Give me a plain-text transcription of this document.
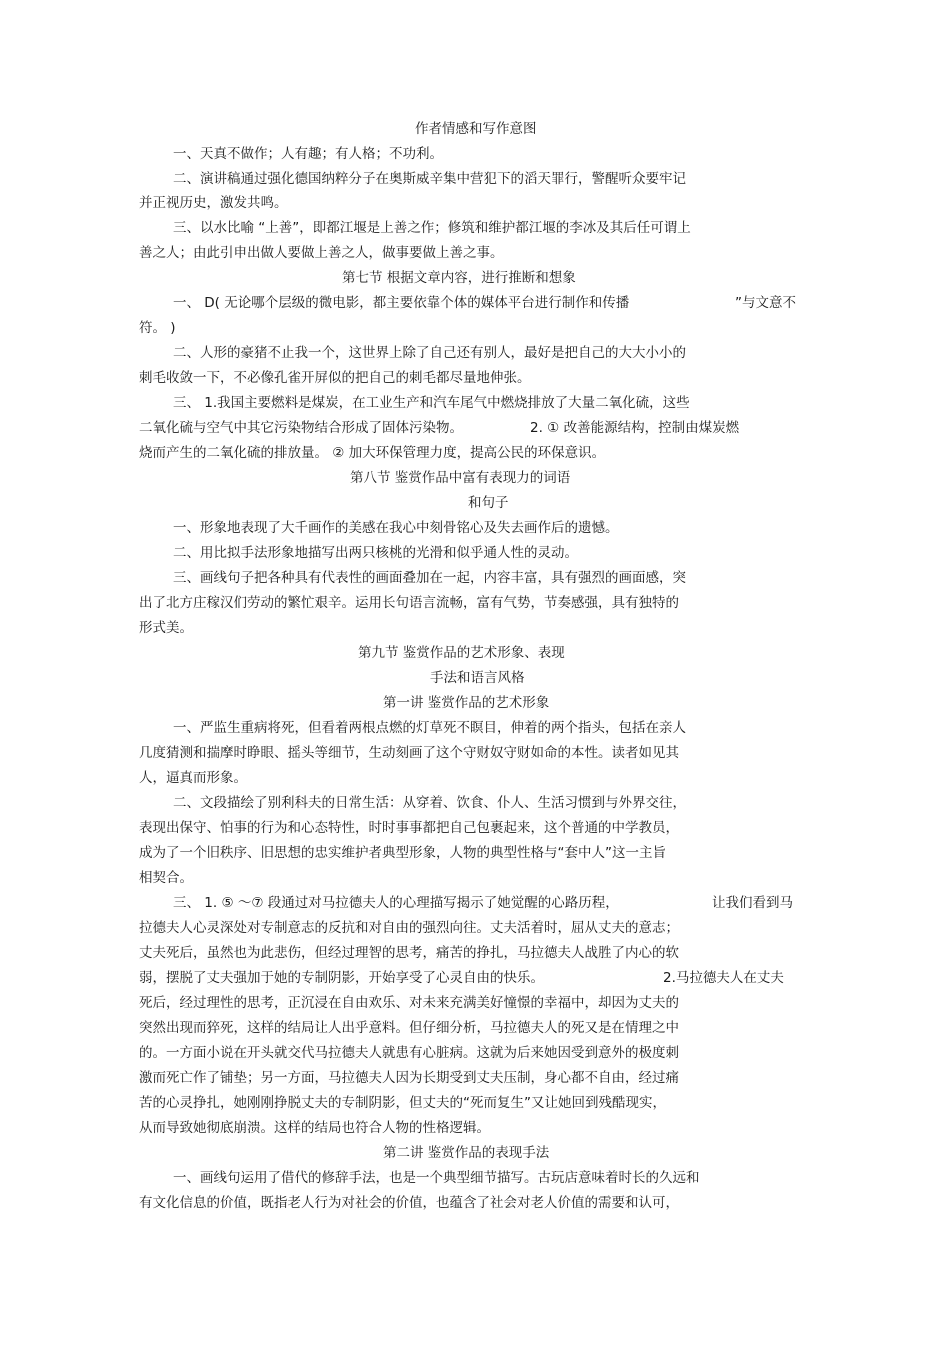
作者情感和写作意图
一、天真不做作；人有趣；有人格；不功利。
二、演讲稿通过强化德国纳粹分子在奥斯威辛集中营犯下的滔天罪行，警醒听众要牢记
并正视历史，激发共鸣。
三、以水比喻 “上善”，即都江堰是上善之作；修筑和维护都江堰的李冰及其后任可谓上
善之人；由此引申出做人要做上善之人，做事要做上善之事。
第七节 根据文章内容，进行推断和想象
一、 D( 无论哪个层级的微电影，都主要依靠个体的媒体平台进行制作和传播	”与文意不
符。 )
二、人形的豪猪不止我一个，这世界上除了自己还有别人，最好是把自己的大大小小的
刺毛收敛一下，不必像孔雀开屏似的把自己的刺毛都尽量地伸张。
三、 1.我国主要燃料是煤炭，在工业生产和汽车尾气中燃烧排放了大量二氧化硫，这些
二氧化硫与空气中其它污染物结合形成了固体污染物。	2. ① 改善能源结构，控制由煤炭燃
烧而产生的二氧化硫的排放量。 ② 加大环保管理力度，提高公民的环保意识。
第八节 鉴赏作品中富有表现力的词语
和句子
一、形象地表现了大千画作的美感在我心中刻骨铭心及失去画作后的遗憾。
二、用比拟手法形象地描写出两只核桃的光滑和似乎通人性的灵动。
三、画线句子把各种具有代表性的画面叠加在一起，内容丰富，具有强烈的画面感，突
出了北方庄稼汉们劳动的繁忙艰辛。运用长句语言流畅，富有气势，节奏感强，具有独特的
形式美。
第九节 鉴赏作品的艺术形象、表现
手法和语言风格
第一讲 鉴赏作品的艺术形象
一、严监生重病将死，但看着两根点燃的灯草死不瞑目，伸着的两个指头，包括在亲人
几度猜测和揣摩时睁眼、摇头等细节，生动刻画了这个守财奴守财如命的本性。读者如见其
人，逼真而形象。
二、文段描绘了别利科夫的日常生活：从穿着、饮食、仆人、生活习惯到与外界交往，
表现出保守、怕事的行为和心态特性，时时事事都把自己包裹起来，这个普通的中学教员，
成为了一个旧秩序、旧思想的忠实维护者典型形象，人物的典型性格与“套中人”这一主旨
相契合。
三、 1. ⑤ ～⑦ 段通过对马拉德夫人的心理描写揭示了她觉醒的心路历程，	让我们看到马
拉德夫人心灵深处对专制意志的反抗和对自由的强烈向往。丈夫活着时，屈从丈夫的意志；
丈夫死后，虽然也为此悲伤，但经过理智的思考，痛苦的挣扎，马拉德夫人战胜了内心的软
弱，摆脱了丈夫强加于她的专制阴影，开始享受了心灵自由的快乐。	2.马拉德夫人在丈夫
死后，经过理性的思考，正沉浸在自由欢乐、对未来充满美好憧憬的幸福中，却因为丈夫的
突然出现而猝死，这样的结局让人出乎意料。但仔细分析，马拉德夫人的死又是在情理之中
的。一方面小说在开头就交代马拉德夫人就患有心脏病。这就为后来她因受到意外的极度刺
激而死亡作了铺垫；另一方面，马拉德夫人因为长期受到丈夫压制，身心都不自由，经过痛
苦的心灵挣扎，她刚刚挣脱丈夫的专制阴影，但丈夫的“死而复生”又让她回到残酷现实，
从而导致她彻底崩溃。这样的结局也符合人物的性格逻辑。
第二讲 鉴赏作品的表现手法
一、画线句运用了借代的修辞手法，也是一个典型细节描写。古玩店意味着时长的久远和
有文化信息的价值，既指老人行为对社会的价值，也蕴含了社会对老人价值的需要和认可，
